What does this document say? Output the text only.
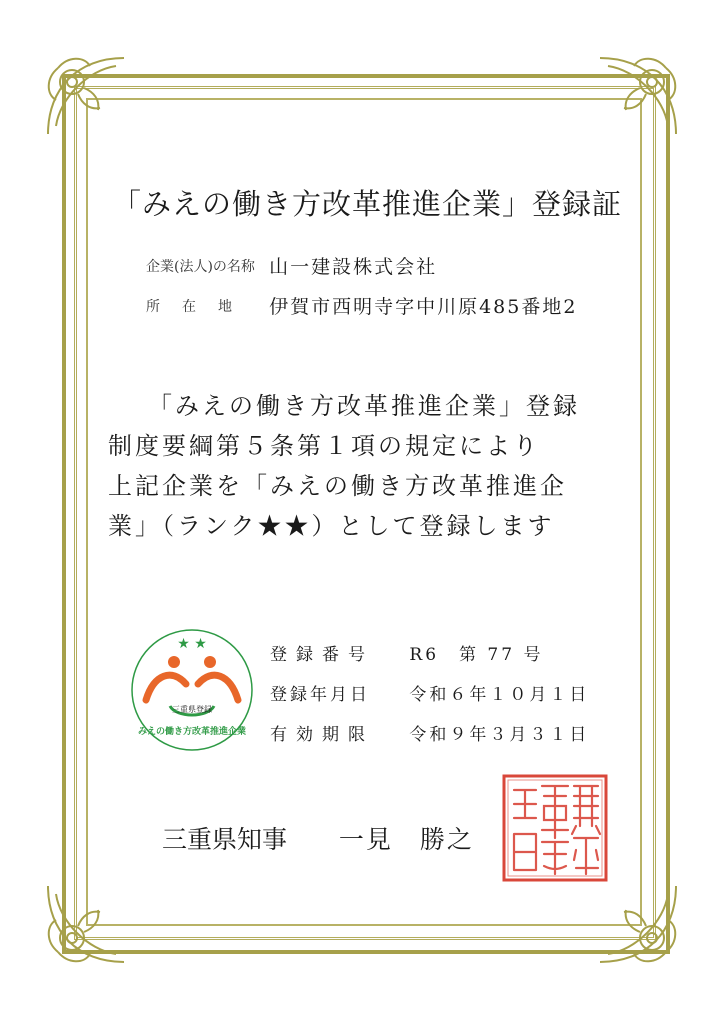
「みえの働き方改革推進企業」登録証
企業(法人)の名称 山一建設株式会社
所在地 伊賀市西明寺字中川原485番地2
「みえの働き方改革推進企業」登録
制度要綱第５条第１項の規定により
上記企業を「みえの働き方改革推進企
業」（ランク★★）として登録します
★ ★
三重県登録
みえの働き方改革推進企業
登録番号 R6　第 77 号
登録年月日 令和６年１０月１日
有効期限 令和９年３月３１日
三重県知事 一見　勝之
